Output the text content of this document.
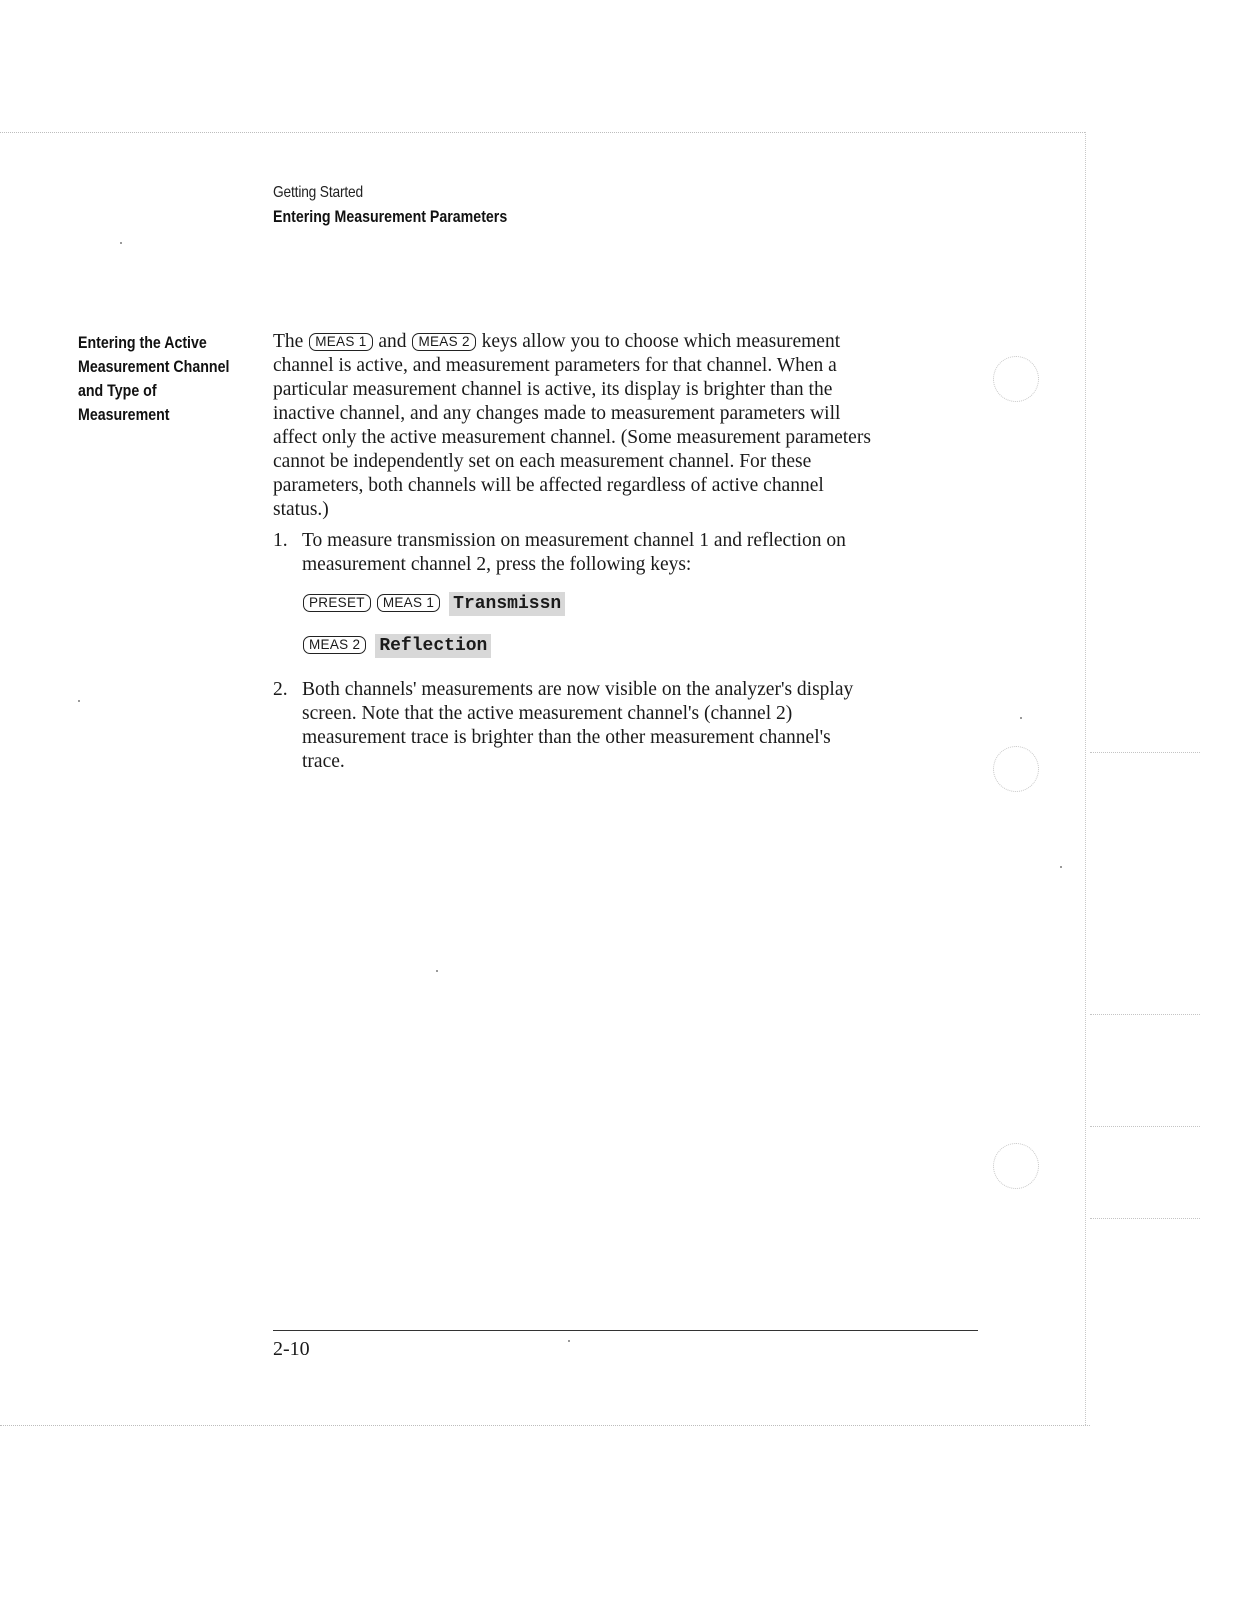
Getting Started
Entering Measurement Parameters
Entering the Active
Measurement Channel
and Type of
Measurement
The MEAS 1 and MEAS 2 keys allow you to choose which measurement
channel is active, and measurement parameters for that channel. When a
particular measurement channel is active, its display is brighter than the
inactive channel, and any changes made to measurement parameters will
affect only the active measurement channel. (Some measurement parameters
cannot be independently set on each measurement channel. For these
parameters, both channels will be affected regardless of active channel
status.)
1. To measure transmission on measurement channel 1 and reflection on
measurement channel 2, press the following keys:
PRESET MEAS 1 Transmissn
MEAS 2 Reflection
2. Both channels' measurements are now visible on the analyzer's display
screen. Note that the active measurement channel's (channel 2)
measurement trace is brighter than the other measurement channel's
trace.
2-10
